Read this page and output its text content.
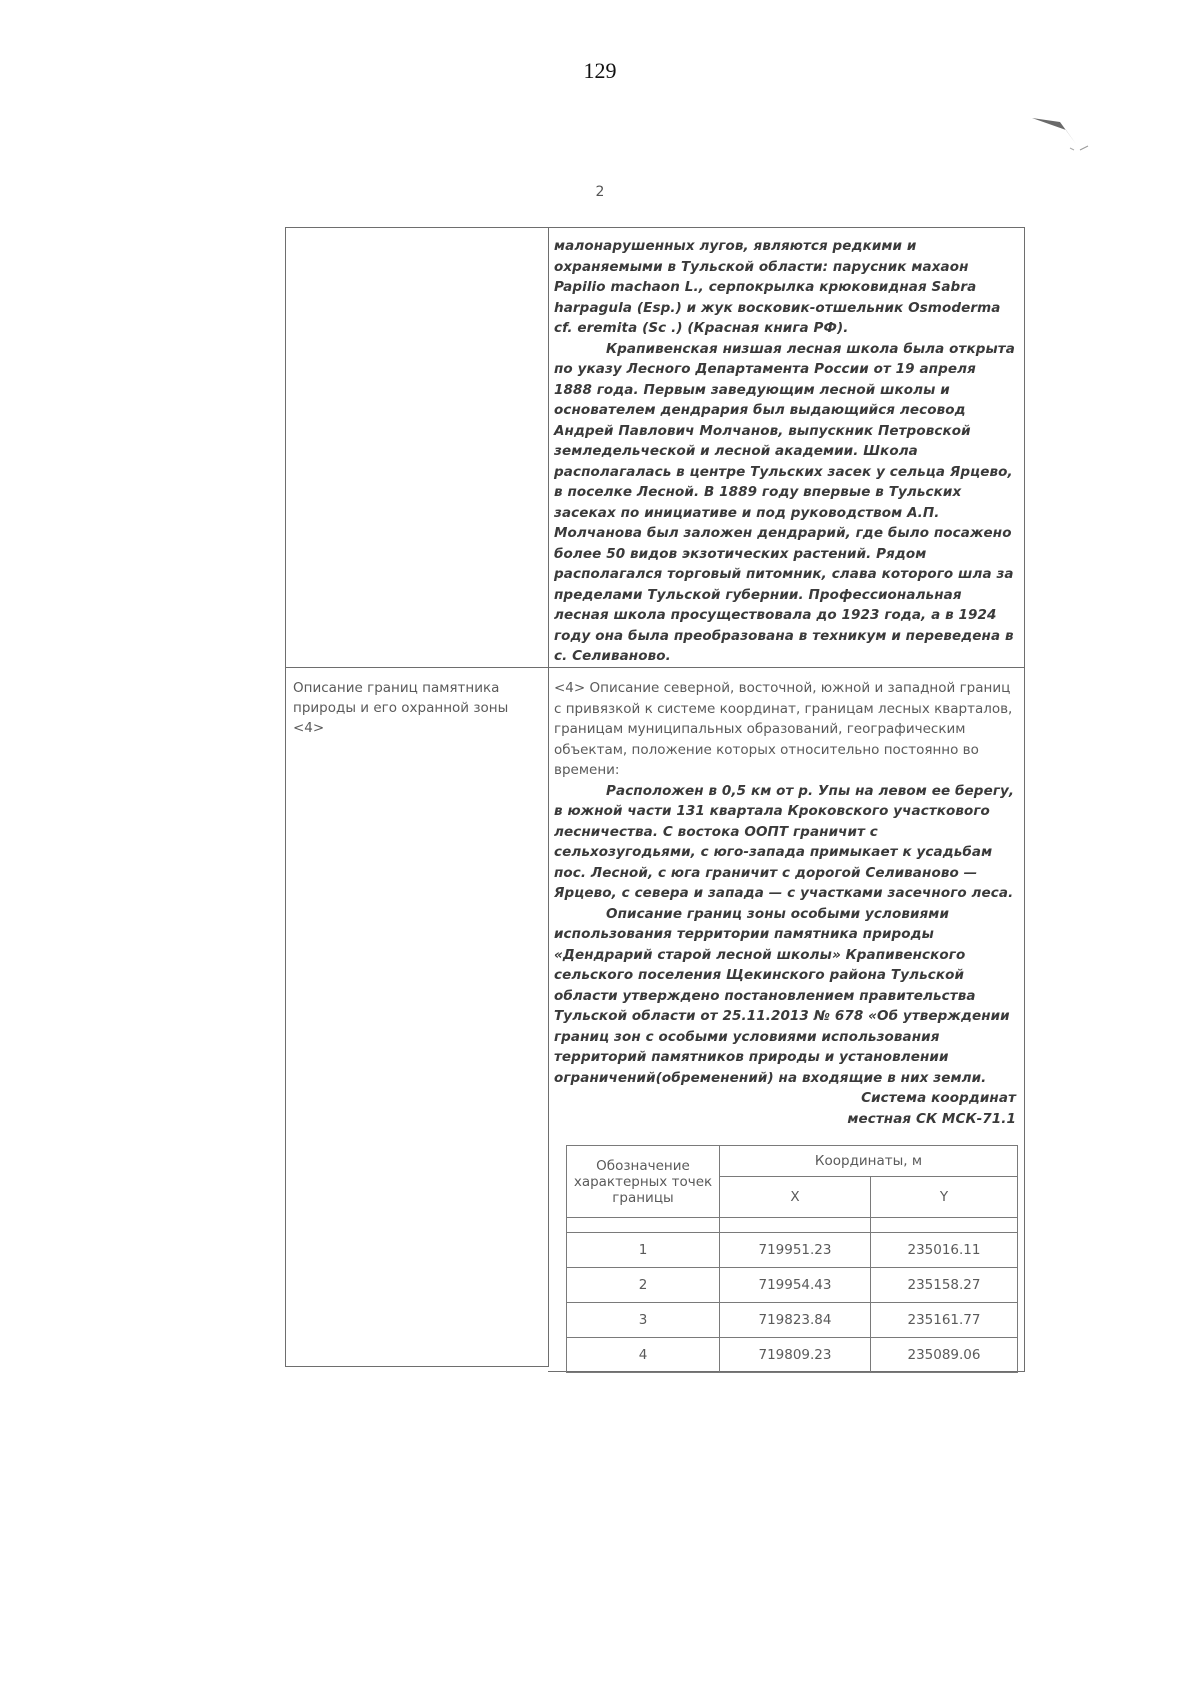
129
2

малонарушенных лугов, являются редкими и охраняемыми в Тульской области: парусник махаон Papilio machaon L., серпокрылка крюковидная Sabra harpagula (Esp.) и жук восковик-отшельник Osmoderma cf. eremita (Sc .) (Красная книга РФ).

Крапивенская низшая лесная школа была открыта по указу Лесного Департамента России от 19 апреля 1888 года. Первым заведующим лесной школы и основателем дендрария был выдающийся лесовод Андрей Павлович Молчанов, выпускник Петровской земледельческой и лесной академии. Школа располагалась в центре Тульских засек у сельца Ярцево, в поселке Лесной. В 1889 году впервые в Тульских засеках по инициативе и под руководством А.П. Молчанова был заложен дендрарий, где было посажено более 50 видов экзотических растений. Рядом располагался торговый питомник, слава которого шла за пределами Тульской губернии. Профессиональная лесная школа просуществовала до 1923 года, а в 1924 году она была преобразована в техникум и переведена в с. Селиваново.

Описание границ памятника природы и его охранной зоны <4>

<4> Описание северной, восточной, южной и западной границ с привязкой к системе координат, границам лесных кварталов, границам муниципальных образований, географическим объектам, положение которых относительно постоянно во времени:

Расположен в 0,5 км от р. Упы на левом ее берегу, в южной части 131 квартала Кроковского участкового лесничества. С востока ООПТ граничит с сельхозугодьями, с юго-запада примыкает к усадьбам пос. Лесной, с юга граничит с дорогой Селиваново — Ярцево, с севера и запада — с участками засечного леса.

Описание границ зоны особыми условиями использования территории памятника природы «Дендрарий старой лесной школы» Крапивенского сельского поселения Щекинского района Тульской области утверждено постановлением правительства Тульской области от 25.11.2013 № 678 «Об утверждении границ зон с особыми условиями использования территорий памятников природы и установлении ограничений(обременений) на входящие в них земли.

Система координат

местная СК МСК-71.1

Обозначение характерных точек границы	Координаты, м	
	X	Y

1	719951.23	235016.11
2	719954.43	235158.27
3	719823.84	235161.77
4	719809.23	235089.06
